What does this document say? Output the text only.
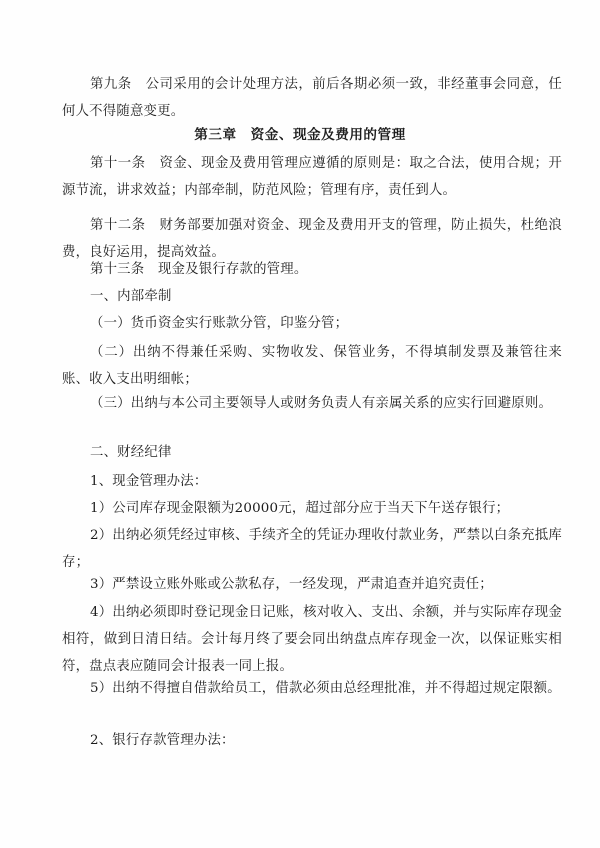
第九条　公司采用的会计处理方法，前后各期必须一致，非经董事会同意，任何人不得随意变更。

第三章　资金、现金及费用的管理

第十一条　资金、现金及费用管理应遵循的原则是：取之合法，使用合规；开源节流，讲求效益；内部牵制，防范风险；管理有序，责任到人。

第十二条　财务部要加强对资金、现金及费用开支的管理，防止损失，杜绝浪费，良好运用，提高效益。

第十三条　现金及银行存款的管理。

一、内部牵制

（一）货币资金实行账款分管，印鉴分管；

（二）出纳不得兼任采购、实物收发、保管业务，不得填制发票及兼管往来账、收入支出明细帐；

（三）出纳与本公司主要领导人或财务负责人有亲属关系的应实行回避原则。

二、财经纪律

1、现金管理办法：

1）公司库存现金限额为20000元，超过部分应于当天下午送存银行；

2）出纳必须凭经过审核、手续齐全的凭证办理收付款业务，严禁以白条充抵库存；

3）严禁设立账外账或公款私存，一经发现，严肃追查并追究责任；

4）出纳必须即时登记现金日记账，核对收入、支出、余额，并与实际库存现金相符，做到日清日结。会计每月终了要会同出纳盘点库存现金一次，以保证账实相符，盘点表应随同会计报表一同上报。

5）出纳不得擅自借款给员工，借款必须由总经理批准，并不得超过规定限额。

2、银行存款管理办法：
